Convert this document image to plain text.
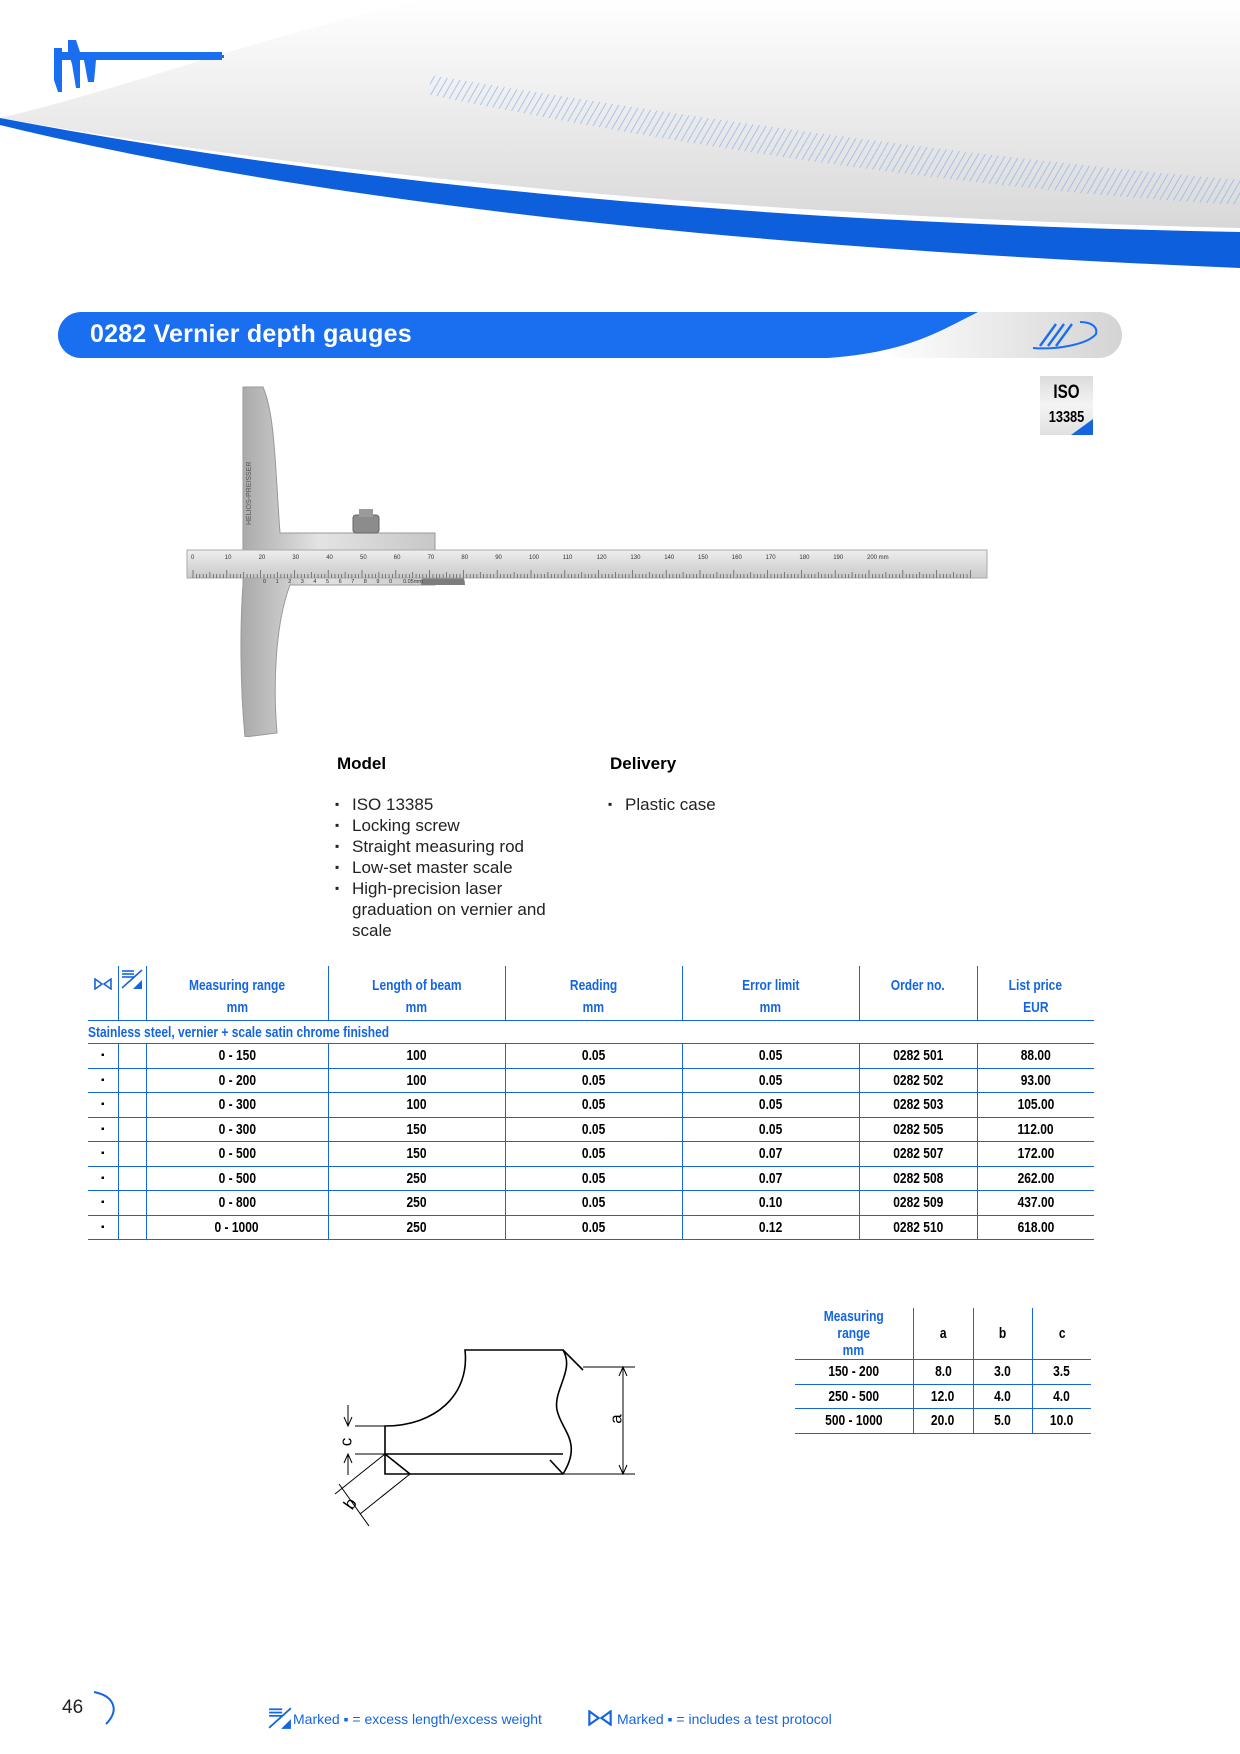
0282 Vernier depth gauges
ISO
13385
0	10	20	30	40	50	60	70	80	90	100	110	120	130	140	150	160	170	180	190	200 mm
0 1 2 3 4 5 6 7 8 9 0 0.05mm
HELIOS-PREISSER
Model
▪ ISO 13385
▪ Locking screw
▪ Straight measuring rod
▪ Low-set master scale
▪ High-precision laser graduation on vernier and scale
Delivery
▪ Plastic case
		Measuring range	Length of beam	Reading	Error limit	Order no.	List price
		mm	mm	mm	mm		EUR
Stainless steel, vernier + scale satin chrome finished							
▪		0 - 150	100	0.05	0.05	0282 501	88.00
▪		0 - 200	100	0.05	0.05	0282 502	93.00
▪		0 - 300	100	0.05	0.05	0282 503	105.00
▪		0 - 300	150	0.05	0.05	0282 505	112.00
▪		0 - 500	150	0.05	0.07	0282 507	172.00
▪		0 - 500	250	0.05	0.07	0282 508	262.00
▪		0 - 800	250	0.05	0.10	0282 509	437.00
▪		0 - 1000	250	0.05	0.12	0282 510	618.00
a
c
b
Measuring range
mm	a	b	c
150 - 200	8.0	3.0	3.5
250 - 500	12.0	4.0	4.0
500 - 1000	20.0	5.0	10.0
46
Marked ▪ = excess length/excess weight	Marked ▪ = includes a test protocol
